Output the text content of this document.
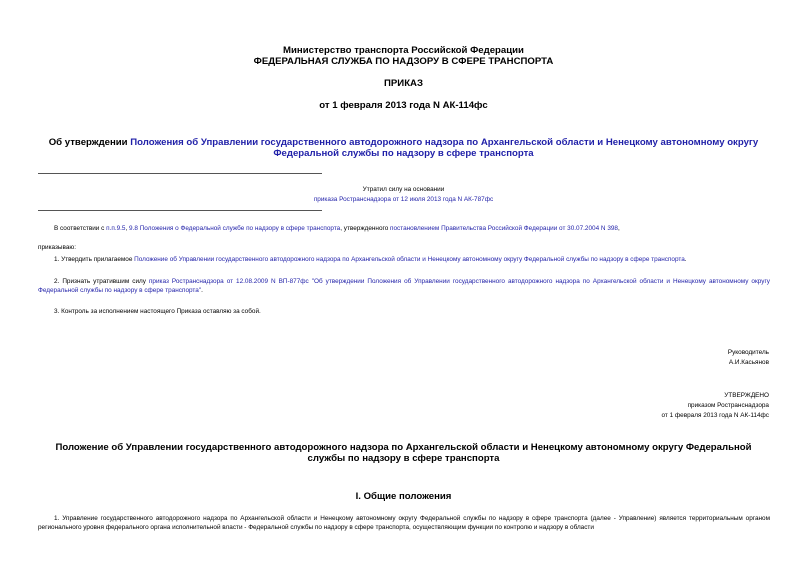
Министерство транспорта Российской Федерации
ФЕДЕРАЛЬНАЯ СЛУЖБА ПО НАДЗОРУ В СФЕРЕ ТРАНСПОРТА
ПРИКАЗ
от 1 февраля 2013 года N АК-114фс
Об утверждении Положения об Управлении государственного автодорожного надзора по Архангельской области и Ненецкому автономному округу Федеральной службы по надзору в сфере транспорта
Утратил силу на основании
приказа Ространснадзора от 12 июля 2013 года N АК-787фс
В соответствии с п.п.9.5, 9.8 Положения о Федеральной службе по надзору в сфере транспорта, утвержденного постановлением Правительства Российской Федерации от 30.07.2004 N 398,
приказываю:
1. Утвердить прилагаемое Положение об Управлении государственного автодорожного надзора по Архангельской области и Ненецкому автономному округу Федеральной службы по надзору в сфере транспорта.
2. Признать утратившим силу приказ Ространснадзора от 12.08.2009 N ВП-877фс "Об утверждении Положения об Управлении государственного автодорожного надзора по Архангельской области и Ненецкому автономному округу Федеральной службы по надзору в сфере транспорта".
3. Контроль за исполнением настоящего Приказа оставляю за собой.
Руководитель
А.И.Касьянов
УТВЕРЖДЕНО
приказом Ространснадзора
от 1 февраля 2013 года N АК-114фс
Положение об Управлении государственного автодорожного надзора по Архангельской области и Ненецкому автономному округу Федеральной службы по надзору в сфере транспорта
I. Общие положения
1. Управление государственного автодорожного надзора по Архангельской области и Ненецкому автономному округу Федеральной службы по надзору в сфере транспорта (далее - Управление) является территориальным органом регионального уровня федерального органа исполнительной власти - Федеральной службы по надзору в сфере транспорта, осуществляющим функции по контролю и надзору в области
